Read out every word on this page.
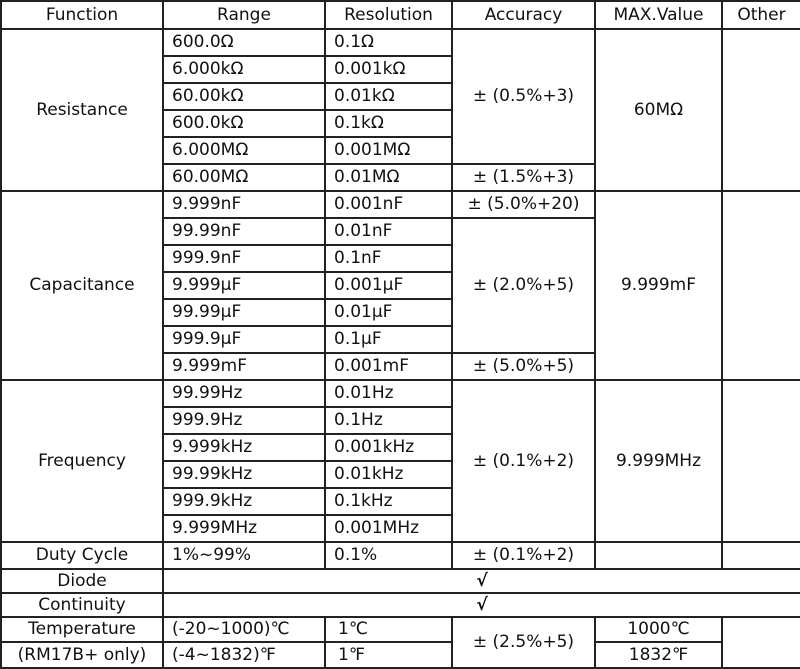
Function	Range	Resolution	Accuracy	MAX.Value	Other
Resistance	600.0Ω	0.1Ω	± (0.5%+3)	60MΩ	
	6.000kΩ	0.001kΩ			
	60.00kΩ	0.01kΩ			
	600.0kΩ	0.1kΩ			
	6.000MΩ	0.001MΩ			
	60.00MΩ	0.01MΩ	± (1.5%+3)		
Capacitance	9.999nF	0.001nF	± (5.0%+20)	9.999mF	
	99.99nF	0.01nF	± (2.0%+5)		
	999.9nF	0.1nF			
	9.999μF	0.001μF			
	99.99μF	0.01μF			
	999.9μF	0.1μF			
	9.999mF	0.001mF	± (5.0%+5)		
Frequency	99.99Hz	0.01Hz	± (0.1%+2)	9.999MHz	
	999.9Hz	0.1Hz			
	9.999kHz	0.001kHz			
	99.99kHz	0.01kHz			
	999.9kHz	0.1kHz			
	9.999MHz	0.001MHz			
Duty Cycle	1%~99%	0.1%	± (0.1%+2)		
Diode	√				
Continuity	√				
Temperature	(-20~1000)℃	1℃	± (2.5%+5)	1000℃	
(RM17B+ only)	(-4~1832)℉	1℉		1832℉	
